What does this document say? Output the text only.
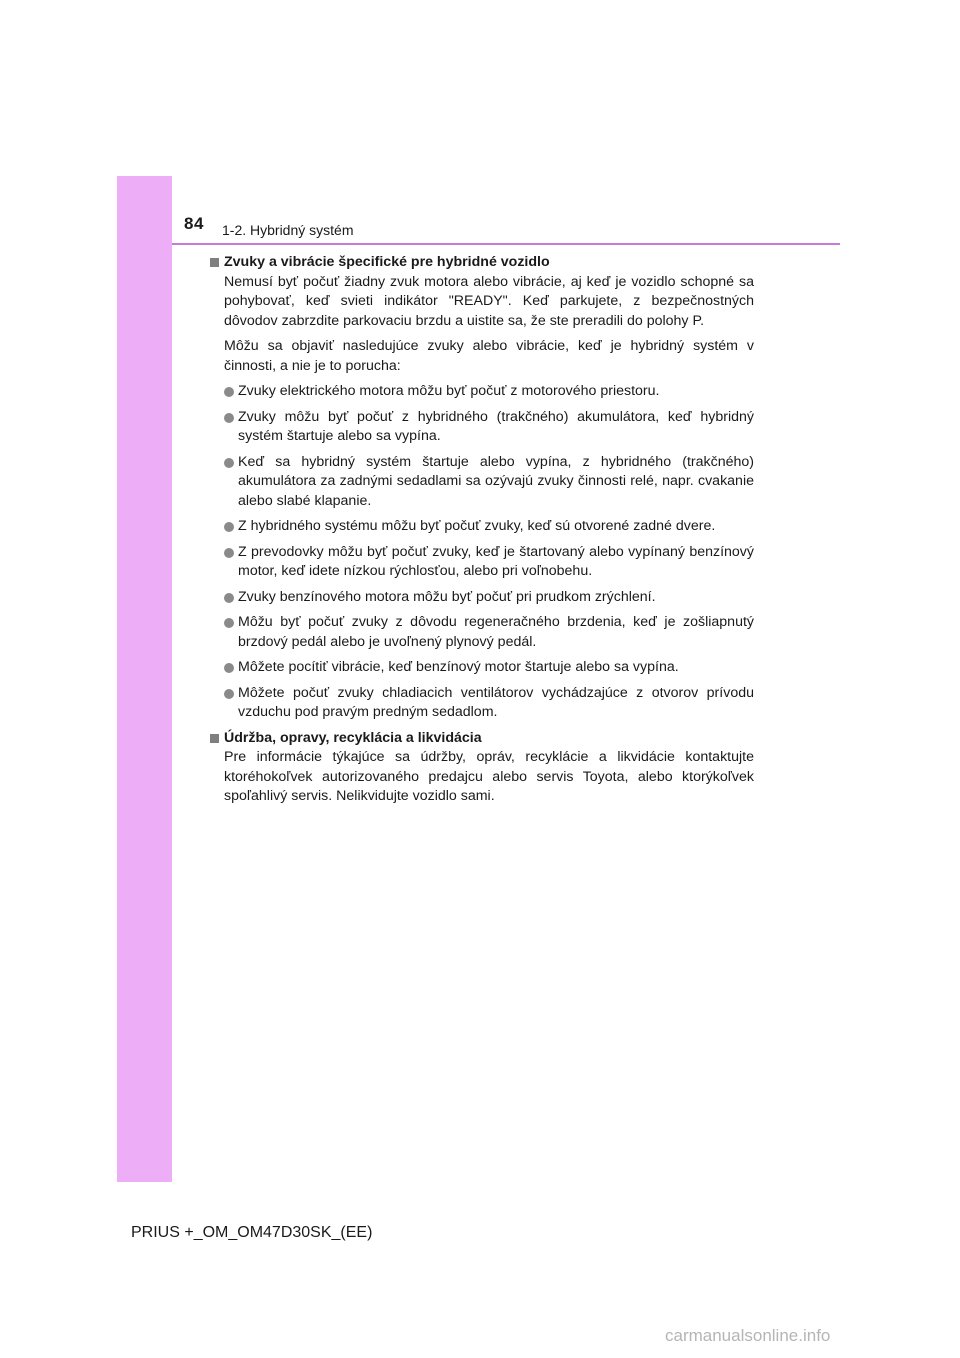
84 1-2. Hybridný systém
Zvuky a vibrácie špecifické pre hybridné vozidlo

Nemusí byť počuť žiadny zvuk motora alebo vibrácie, aj keď je vozidlo schopné sa pohybovať, keď svieti indikátor "READY". Keď parkujete, z bezpečnostných dôvodov zabrzdite parkovaciu brzdu a uistite sa, že ste preradili do polohy P.

Môžu sa objaviť nasledujúce zvuky alebo vibrácie, keď je hybridný systém v činnosti, a nie je to porucha:

Zvuky elektrického motora môžu byť počuť z motorového priestoru.
Zvuky môžu byť počuť z hybridného (trakčného) akumulátora, keď hybridný systém štartuje alebo sa vypína.
Keď sa hybridný systém štartuje alebo vypína, z hybridného (trakčného) akumulátora za zadnými sedadlami sa ozývajú zvuky činnosti relé, napr. cvakanie alebo slabé klapanie.
Z hybridného systému môžu byť počuť zvuky, keď sú otvorené zadné dvere.
Z prevodovky môžu byť počuť zvuky, keď je štartovaný alebo vypínaný benzínový motor, keď idete nízkou rýchlosťou, alebo pri voľnobehu.
Zvuky benzínového motora môžu byť počuť pri prudkom zrýchlení.
Môžu byť počuť zvuky z dôvodu regeneračného brzdenia, keď je zošliapnutý brzdový pedál alebo je uvoľnený plynový pedál.
Môžete pocítiť vibrácie, keď benzínový motor štartuje alebo sa vypína.
Môžete počuť zvuky chladiacich ventilátorov vychádzajúce z otvorov prívodu vzduchu pod pravým predným sedadlom.
Údržba, opravy, recyklácia a likvidácia

Pre informácie týkajúce sa údržby, opráv, recyklácie a likvidácie kontaktujte ktoréhokoľvek autorizovaného predajcu alebo servis Toyota, alebo ktorýkoľvek spoľahlivý servis. Nelikvidujte vozidlo sami.

PRIUS +_OM_OM47D30SK_(EE)
carmanualsonline.info
